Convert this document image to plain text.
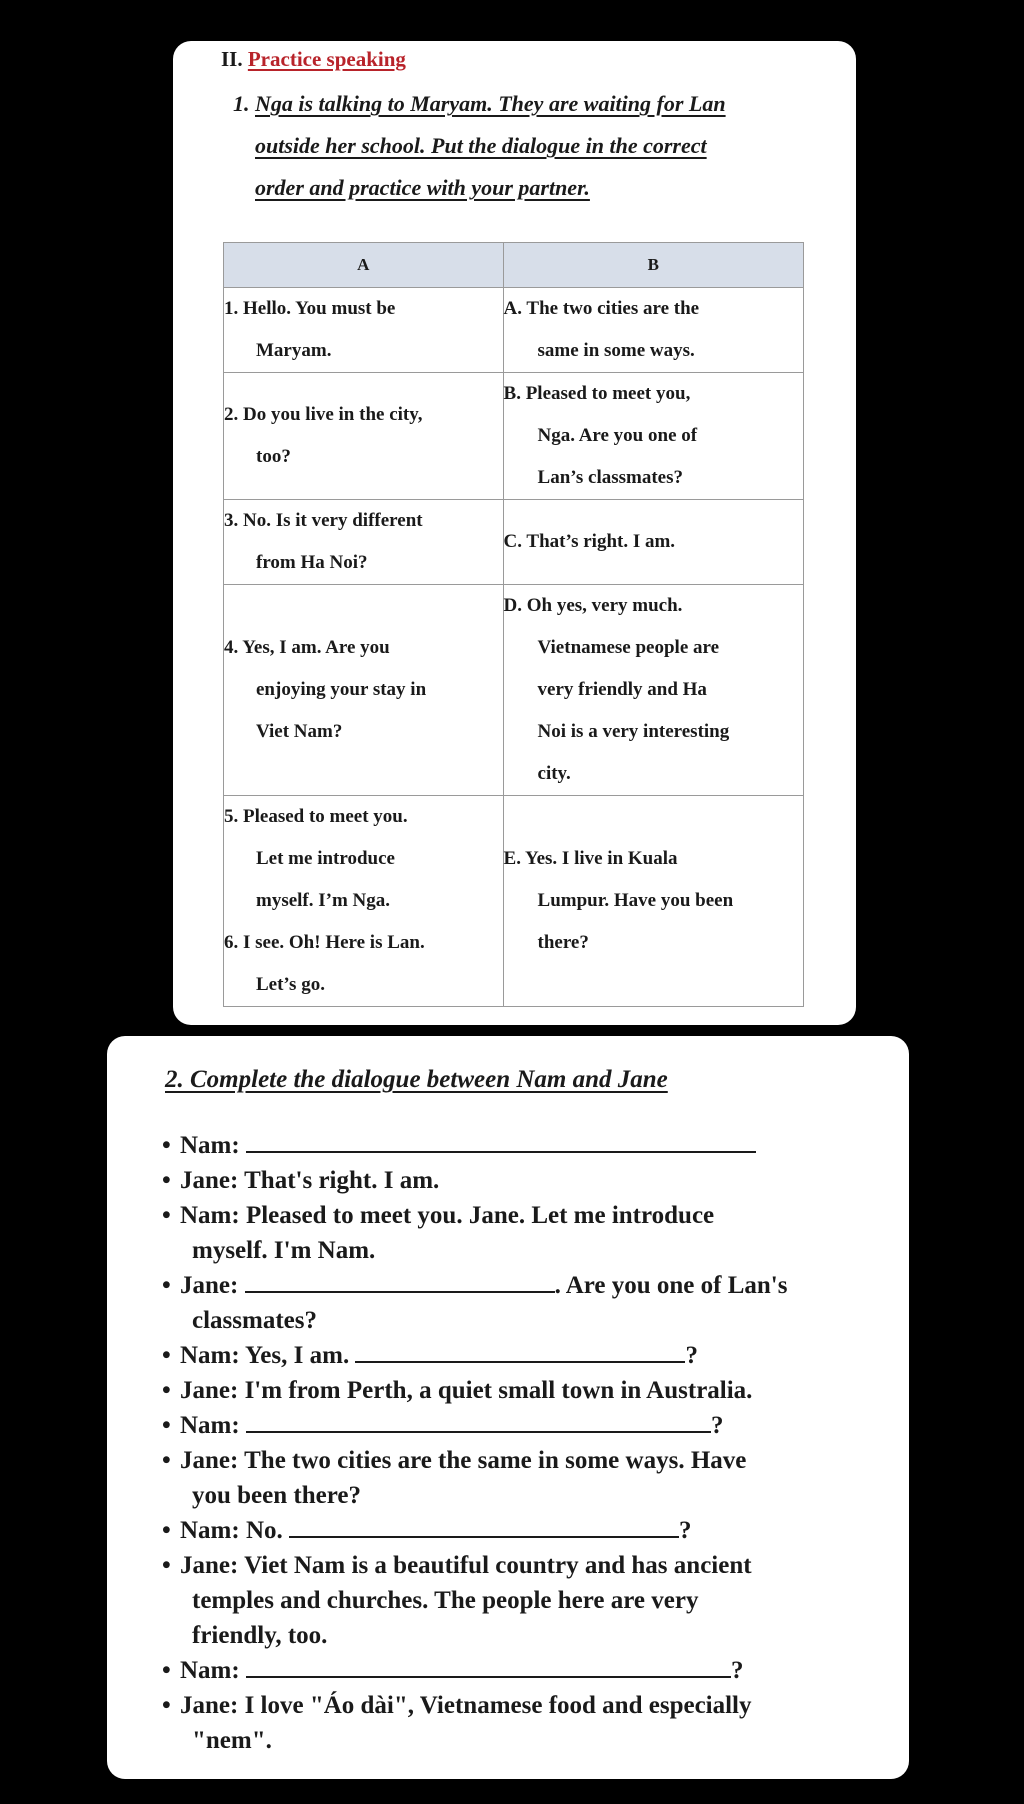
II. Practice speaking
1. Nga is talking to Maryam. They are waiting for Lan
outside her school. Put the dialogue in the correct
order and practice with your partner.
A	B

1. Hello. You must be
Maryam.	A. The two cities are the
same in some ways.

2. Do you live in the city,
too?	B. Pleased to meet you,
Nga. Are you one of
Lan’s classmates?

3. No. Is it very different
from Ha Noi?	C. That’s right. I am.

4. Yes, I am. Are you
enjoying your stay in
Viet Nam?	D. Oh yes, very much.
Vietnamese people are
very friendly and Ha
Noi is a very interesting
city.

5. Pleased to meet you.
Let me introduce
myself. I’m Nga.
6. I see. Oh! Here is Lan.
Let’s go.	E. Yes. I live in Kuala
Lumpur. Have you been
there?
2. Complete the dialogue between Nam and Jane
• Nam:
• Jane: That's right. I am.
• Nam: Pleased to meet you. Jane. Let me introduce
myself. I'm Nam.
• Jane:	. Are you one of Lan's
classmates?
• Nam: Yes, I am.	?
• Jane: I'm from Perth, a quiet small town in Australia.
• Nam:	?
• Jane: The two cities are the same in some ways. Have
you been there?
• Nam: No.	?
• Jane: Viet Nam is a beautiful country and has ancient
temples and churches. The people here are very
friendly, too.
• Nam:	?
• Jane: I love "Áo dài", Vietnamese food and especially
"nem".
